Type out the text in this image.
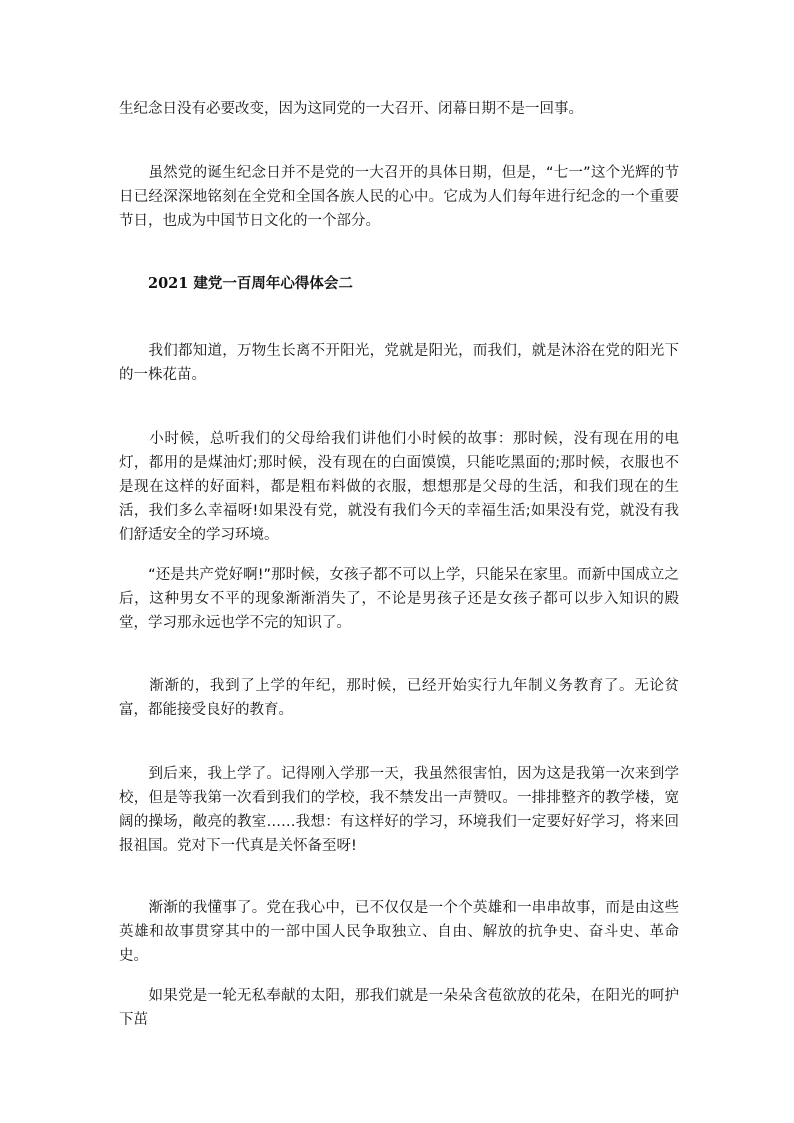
生纪念日没有必要改变，因为这同党的一大召开、闭幕日期不是一回事。

　　虽然党的诞生纪念日并不是党的一大召开的具体日期，但是，“七一”这个光辉的节日已经深深地铭刻在全党和全国各族人民的心中。它成为人们每年进行纪念的一个重要节日，也成为中国节日文化的一个部分。

2021 建党一百周年心得体会二

　　我们都知道，万物生长离不开阳光，党就是阳光，而我们，就是沐浴在党的阳光下的一株花苗。

　　小时候，总听我们的父母给我们讲他们小时候的故事：那时候，没有现在用的电灯，都用的是煤油灯;那时候，没有现在的白面馍馍，只能吃黑面的;那时候，衣服也不是现在这样的好面料，都是粗布料做的衣服，想想那是父母的生活，和我们现在的生活，我们多么幸福呀!如果没有党，就没有我们今天的幸福生活;如果没有党，就没有我们舒适安全的学习环境。

　　“还是共产党好啊!”那时候，女孩子都不可以上学，只能呆在家里。而新中国成立之后，这种男女不平的现象渐渐消失了，不论是男孩子还是女孩子都可以步入知识的殿堂，学习那永远也学不完的知识了。

　　渐渐的，我到了上学的年纪，那时候，已经开始实行九年制义务教育了。无论贫富，都能接受良好的教育。

　　到后来，我上学了。记得刚入学那一天，我虽然很害怕，因为这是我第一次来到学校，但是等我第一次看到我们的学校，我不禁发出一声赞叹。一排排整齐的教学楼，宽阔的操场，敞亮的教室……我想：有这样好的学习，环境我们一定要好好学习，将来回报祖国。党对下一代真是关怀备至呀!

　　渐渐的我懂事了。党在我心中，已不仅仅是一个个英雄和一串串故事，而是由这些英雄和故事贯穿其中的一部中国人民争取独立、自由、解放的抗争史、奋斗史、革命史。

　　如果党是一轮无私奉献的太阳，那我们就是一朵朵含苞欲放的花朵，在阳光的呵护下茁
